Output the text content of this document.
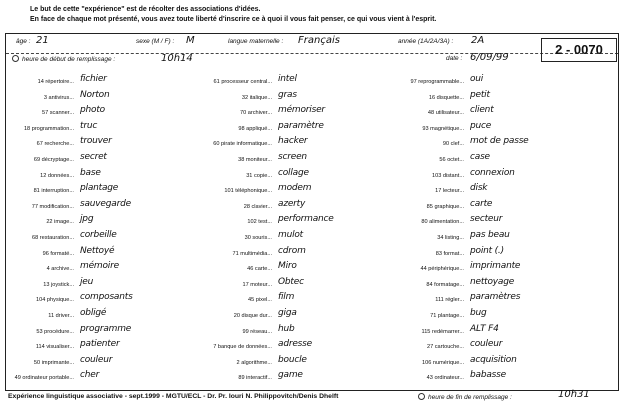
Le but de cette "expérience" est de récolter des associations d'idées.
En face de chaque mot présenté, vous avez toute liberté d'inscrire ce à quoi il vous fait penser, ce qui vous vient à l'esprit.
âge : 21	sexe (M / F) : M	langue maternelle : Français	année (1A/2A/3A) : 2A
heure de début de remplissage :	10h14	date : 6/09/99
2 - 0070
14 répertoire... fichier
3 antivirus... Norton
57 scanner... photo
18 programmation... truc
67 recherche... trouver
69 décryptage... secret
12 données... base
81 interruption... plantage
77 modification... sauvegarde
22 image... jpg
68 restauration... corbeille
96 formaté... Nettoyé
4 archive... mémoire
13 joystick... jeu
104 physique... composants
11 driver... obligé
53 procédure... programme
114 visualiser... patienter
50 imprimante... couleur
49 ordinateur portable... cher
61 processeur central... intel
32 italique... gras
70 archiver... mémoriser
98 appliqué... paramètre
60 pirate informatique... hacker
38 moniteur... screen
31 copie... collage
101 téléphonique... modem
28 clavier... azerty
102 test... performance
30 souris... mulot
71 multimédia... cdrom
46 carte... Miro
17 moteur... Obtec
45 pixel... film
20 disque dur... giga
99 réseau... hub
7 banque de données... adresse
2 algorithme... boucle
89 interactif... game
97 reprogrammable... oui
16 disquette... petit
48 utilisateur... client
93 magnétique... puce
90 clef... mot de passe
56 octet... case
103 distant... connexion
17 lecteur... disk
85 graphique... carte
80 alimentation... secteur
34 listing... pas beau
83 format... point (.)
44 périphérique... imprimante
84 formatage... nettoyage
111 régler... paramètres
71 plantage... bug
115 redémarrer... ALT F4
27 cartouche... couleur
106 numérique... acquisition
43 ordinateur... babasse
Expérience linguistique associative - sept.1999 - MGTU/ECL - Dr. Pr. Iouri N. Philippovitch/Denis Dhelft	heure de fin de remplissage :	10h31
